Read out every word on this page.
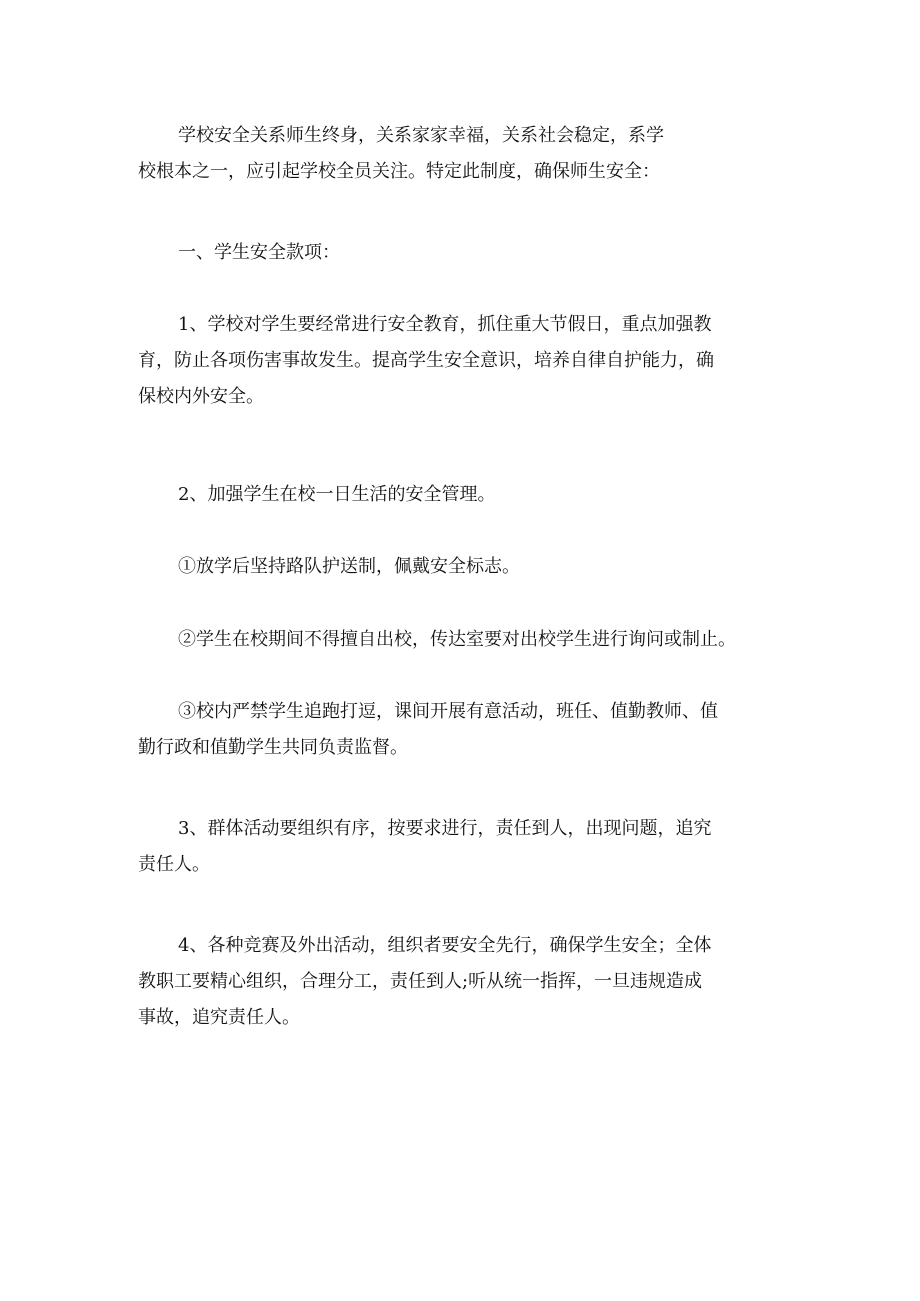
学校安全关系师生终身，关系家家幸福，关系社会稳定，系学
校根本之一，应引起学校全员关注。特定此制度，确保师生安全：

一、学生安全款项：

1、学校对学生要经常进行安全教育，抓住重大节假日，重点加强教
育，防止各项伤害事故发生。提高学生安全意识，培养自律自护能力，确
保校内外安全。

2、加强学生在校一日生活的安全管理。

①放学后坚持路队护送制，佩戴安全标志。

②学生在校期间不得擅自出校，传达室要对出校学生进行询问或制止。

③校内严禁学生追跑打逗，课间开展有意活动，班任、值勤教师、值
勤行政和值勤学生共同负责监督。

3、群体活动要组织有序，按要求进行，责任到人，出现问题，追究
责任人。

4、各种竞赛及外出活动，组织者要安全先行，确保学生安全；全体
教职工要精心组织，合理分工，责任到人;听从统一指挥，一旦违规造成
事故，追究责任人。
